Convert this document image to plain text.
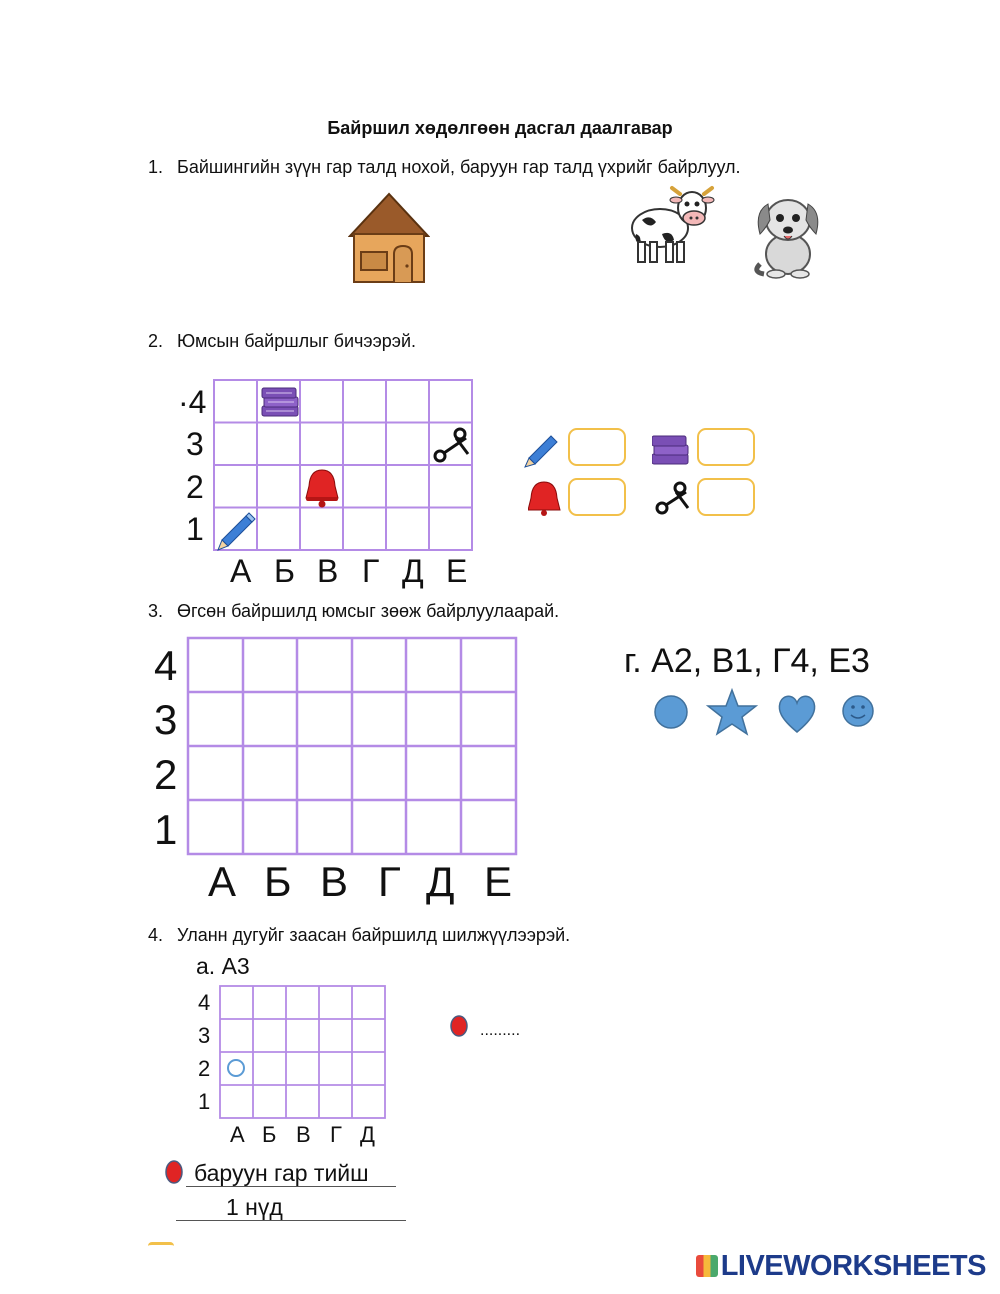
Байршил хөдөлгөөн дасгал даалгавар
1. Байшингийн зүүн гар талд нохой, баруун гар талд үхрийг байрлуул.
2. Юмсын байршлыг бичээрэй.
·4
3
2
1
А Б В Г Д Е
3. Өгсөн байршилд юмсыг зөөж байрлуулаарай.
4
3
2
1
А Б В Г Д Е
г. А2, В1, Г4, Е3
4. Уланн дугуйг заасан байршилд шилжүүлээрэй.
а. А3
4
3
2
1
А Б В Г Д
.........
баруун гар тийш
1 нүд
LIVEWORKSHEETS
